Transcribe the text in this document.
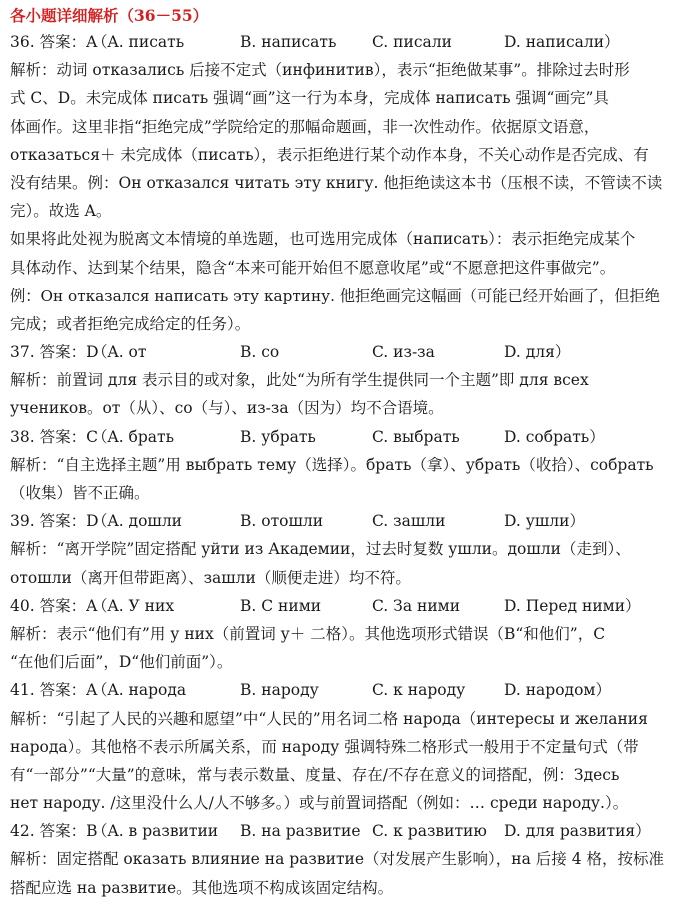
各小题详细解析（36－55）
36. 答案：A
（A. писать	B. написать C. писали	D. написали）
解析：动词 отказались 后接不定式（инфинитив），表示“拒绝做某事”。排除过去时形
式 C、D。未完成体 писать 强调“画”这一行为本身，完成体 написать 强调“画完”具
体画作。这里非指“拒绝完成”学院给定的那幅命题画，非一次性动作。依据原文语意，
отказаться＋ 未完成体（писать），表示拒绝进行某个动作本身，不关心动作是否完成、有
没有结果。例：Он отказался читать эту книгу. 他拒绝读这本书（压根不读，不管读不读
完）。故选 A。
如果将此处视为脱离文本情境的单选题，也可选用完成体（написать）：表示拒绝完成某个
具体动作、达到某个结果，隐含“本来可能开始但不愿意收尾”或“不愿意把这件事做完”。
例：Он отказался написать эту картину. 他拒绝画完这幅画（可能已经开始画了，但拒绝
完成；或者拒绝完成给定的任务）。
37. 答案：D
（A. от	B. со	C. из-за	D. для）
解析：前置词 для 表示目的或对象，此处“为所有学生提供同一个主题”即 для всех
учеников。от（从）、со（与）、из-за（因为）均不合语境。
38. 答案：C
（A. брать	B. убрать	C. выбрать	D. собрать）
解析：“自主选择主题”用 выбрать тему（选择）。брать（拿）、убрать（收拾）、собрать
（收集）皆不正确。
39. 答案：D
（A. дошли	B. отошли	C. зашли	D. ушли）
解析：“离开学院”固定搭配 уйти из Академии，过去时复数 ушли。дошли（走到）、
отошли（离开但带距离）、зашли（顺便走进）均不符。
40. 答案：A
（A. У них	B. С ними	C. За ними	D. Перед ними）
解析：表示“他们有”用 у них（前置词 у＋ 二格）。其他选项形式错误（B“和他们”，C
“在他们后面”，D“他们前面”）。
41. 答案：A
（A. народа	B. народу	C. к народу D. народом）
解析：“引起了人民的兴趣和愿望”中“人民的”用名词二格 народа（интересы и желания
народа）。其他格不表示所属关系，而 народу 强调特殊二格形式一般用于不定量句式（带
有“一部分”“大量”的意味，常与表示数量、度量、存在/不存在意义的词搭配，例：Здесь
нет народу. /这里没什么人/人不够多。）或与前置词搭配（例如：… среди народу.）。
42. 答案：B
（A. в развитии B. на развитие C. к развитию D. для развития）
解析：固定搭配 оказать влияние на развитие（对发展产生影响），на 后接 4 格，按标准
搭配应选 на развитие。其他选项不构成该固定结构。
